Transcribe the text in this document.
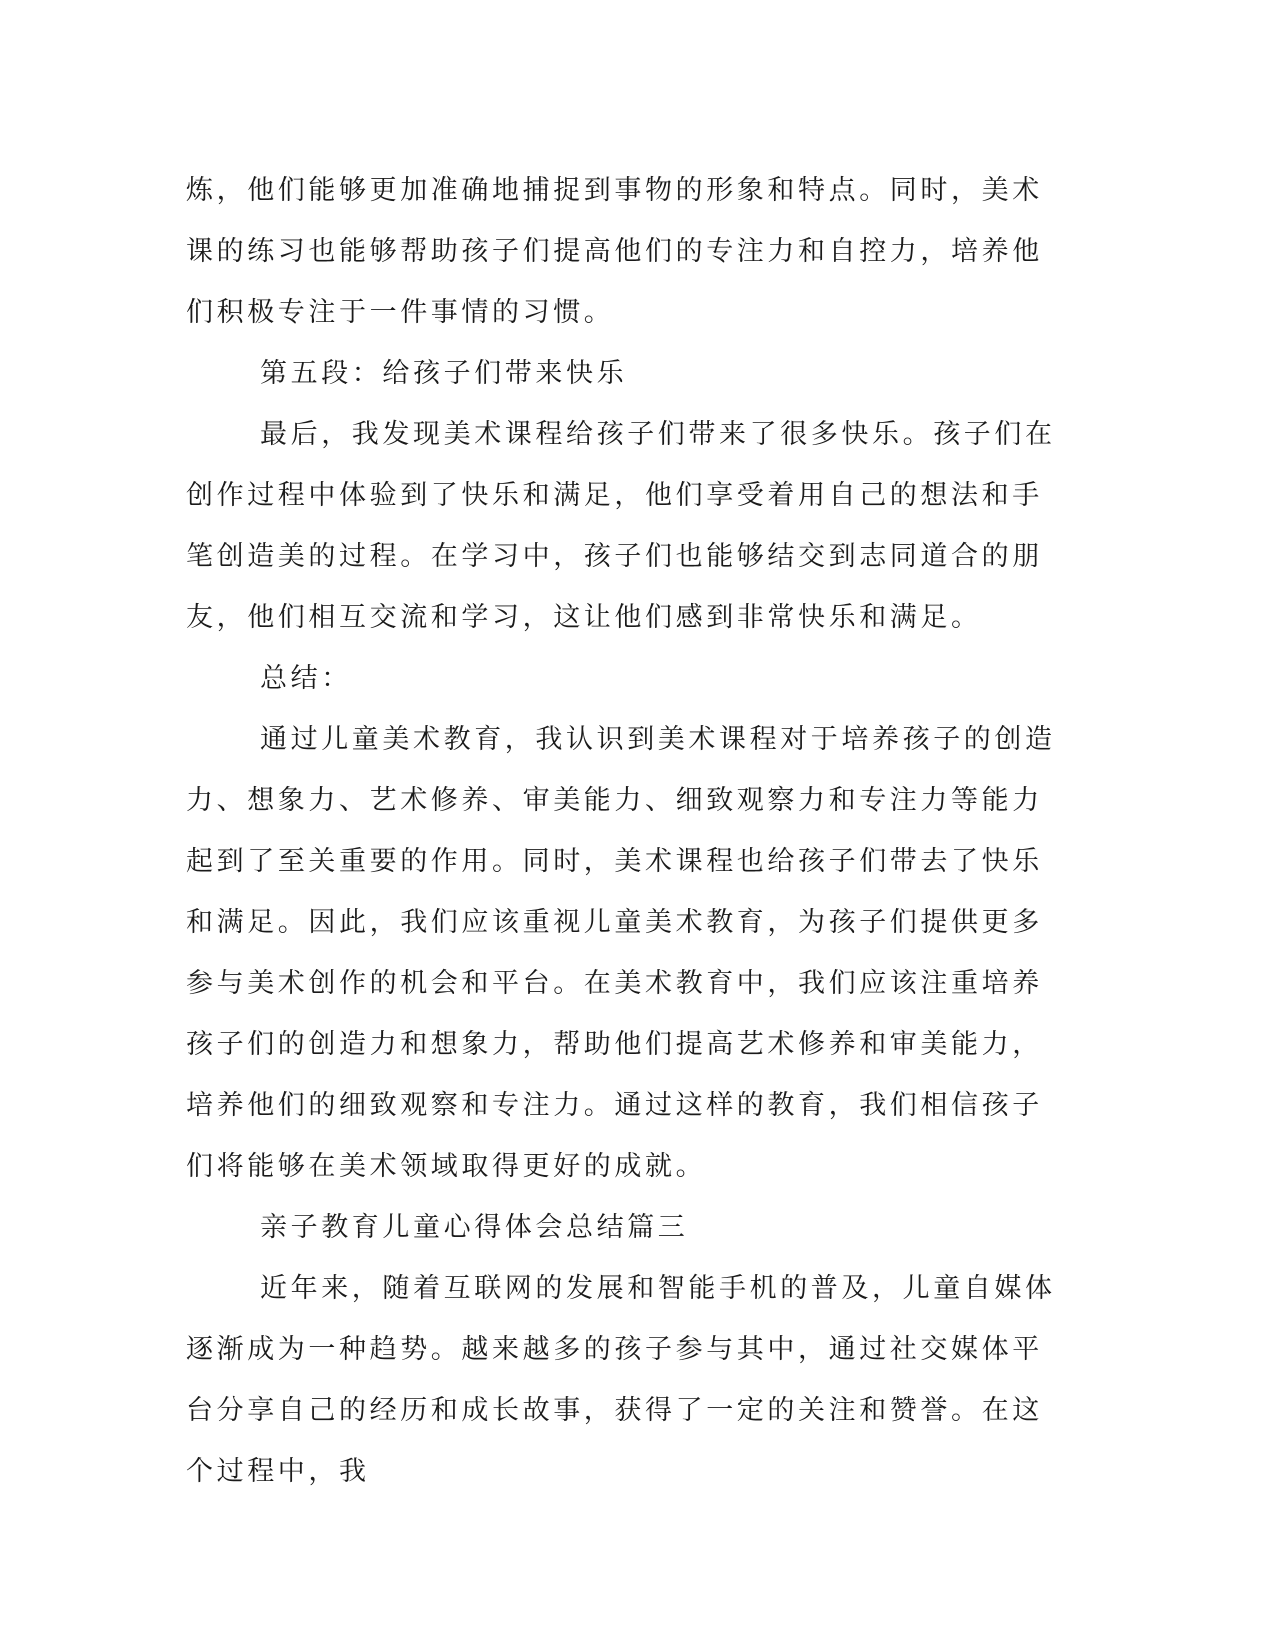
炼，他们能够更加准确地捕捉到事物的形象和特点。同时，美术课的练习也能够帮助孩子们提高他们的专注力和自控力，培养他们积极专注于一件事情的习惯。

第五段：给孩子们带来快乐

最后，我发现美术课程给孩子们带来了很多快乐。孩子们在创作过程中体验到了快乐和满足，他们享受着用自己的想法和手笔创造美的过程。在学习中，孩子们也能够结交到志同道合的朋友，他们相互交流和学习，这让他们感到非常快乐和满足。

总结：

通过儿童美术教育，我认识到美术课程对于培养孩子的创造力、想象力、艺术修养、审美能力、细致观察力和专注力等能力起到了至关重要的作用。同时，美术课程也给孩子们带去了快乐和满足。因此，我们应该重视儿童美术教育，为孩子们提供更多参与美术创作的机会和平台。在美术教育中，我们应该注重培养孩子们的创造力和想象力，帮助他们提高艺术修养和审美能力，培养他们的细致观察和专注力。通过这样的教育，我们相信孩子们将能够在美术领域取得更好的成就。

亲子教育儿童心得体会总结篇三

近年来，随着互联网的发展和智能手机的普及，儿童自媒体逐渐成为一种趋势。越来越多的孩子参与其中，通过社交媒体平台分享自己的经历和成长故事，获得了一定的关注和赞誉。在这个过程中，我
